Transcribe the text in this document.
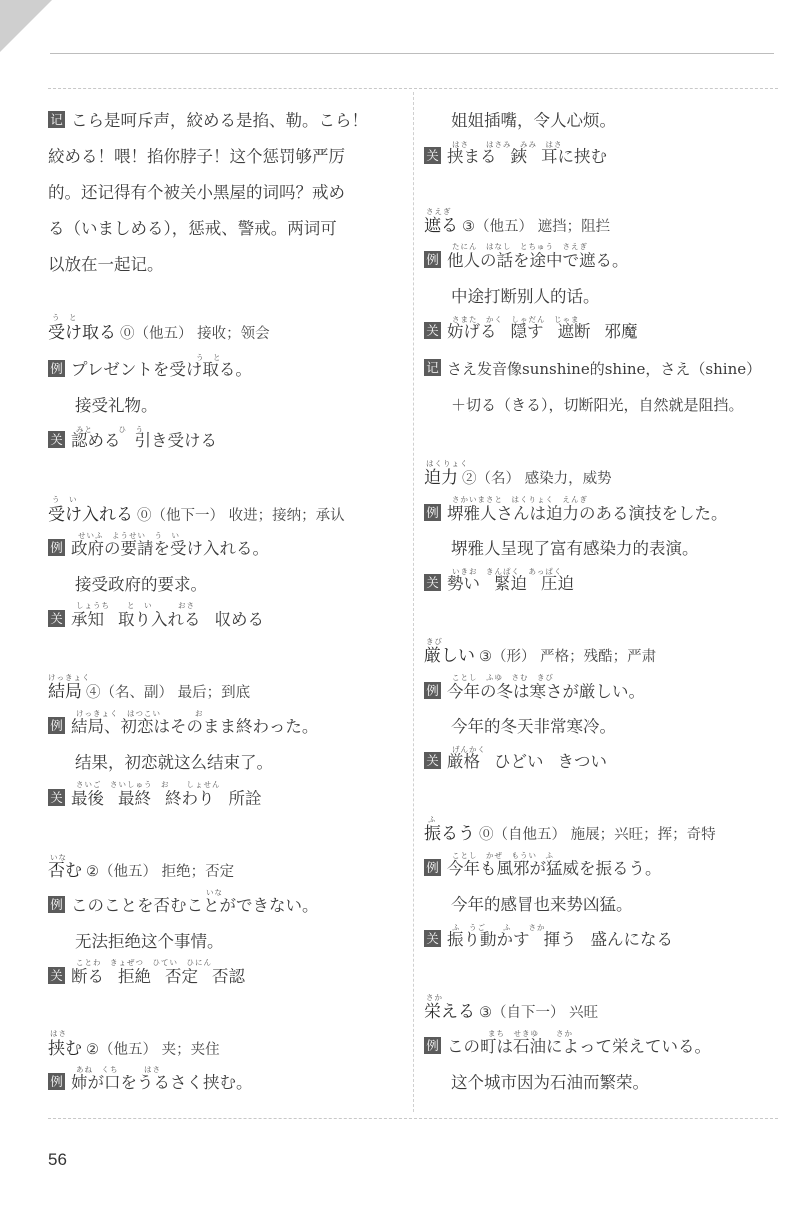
记 こら是呵斥声，絞める是掐、勒。こら！
絞める！喂！掐你脖子！这个惩罚够严厉
的。还记得有个被关小黑屋的词吗？戒め
る（いましめる），惩戒、警戒。两词可
以放在一起记。
う　と
受け取る ⓪（他五） 接收；领会
う　と
例 プレゼントを受け取る。
接受礼物。
みと　　　ひ　う
关 認める 引き受ける
う　い
受け入れる ⓪（他下一） 收进；接纳；承认
せいふ　ようせい　う　い
例 政府の要請を受け入れる。
接受政府的要求。
しょうち　　と　い　　　おさ
关 承知 取り入れる 収める
けっきょく
結局 ④（名、副） 最后；到底
けっきょく　はつこい　　　　お
例 結局、初恋はそのまま終わった。
结果，初恋就这么结束了。
さいご　さいしゅう　お　　しょせん
关 最後 最終 終わり 所詮
いな
否む ②（他五） 拒绝；否定
いな
例 このことを否むことができない。
无法拒绝这个事情。
ことわ　きょぜつ　ひてい　ひにん
关 断る 拒絶 否定 否認
はさ
挟む ②（他五） 夹；夹住
あね　くち　　　はさ
例 姉が口をうるさく挟む。
姐姐插嘴，令人心烦。
はさ　　はさみ　みみ　はさ
关 挟まる 鋏 耳に挟む
さえぎ
遮る ③（他五） 遮挡；阻拦
たにん　はなし　とちゅう　さえぎ
例 他人の話を途中で遮る。
中途打断别人的话。
さまた　かく　しゃだん　じゃま
关 妨げる 隠す 遮断 邪魔
记 さえ发音像sunshine的shine，さえ（shine）
＋切る（きる），切断阳光，自然就是阻挡。
はくりょく
迫力 ②（名） 感染力，威势
さかいまさと　はくりょく　えんぎ
例 堺雅人さんは迫力のある演技をした。
堺雅人呈现了富有感染力的表演。
いきお　きんぱく　あっぱく
关 勢い 緊迫 圧迫
きび
厳しい ③（形） 严格；残酷；严肃
ことし　ふゆ　さむ　きび
例 今年の冬は寒さが厳しい。
今年的冬天非常寒冷。
げんかく
关 厳格 ひどい きつい
ふ
振るう ⓪（自他五） 施展；兴旺；挥；奇特
ことし　かぜ　もうい　ふ
例 今年も風邪が猛威を振るう。
今年的感冒也来势凶猛。
ふ　うご　　ふ　　さか
关 振り動かす 揮う 盛んになる
さか
栄える ③（自下一） 兴旺
まち　せきゆ　　さか
例 この町は石油によって栄えている。
这个城市因为石油而繁荣。
56
